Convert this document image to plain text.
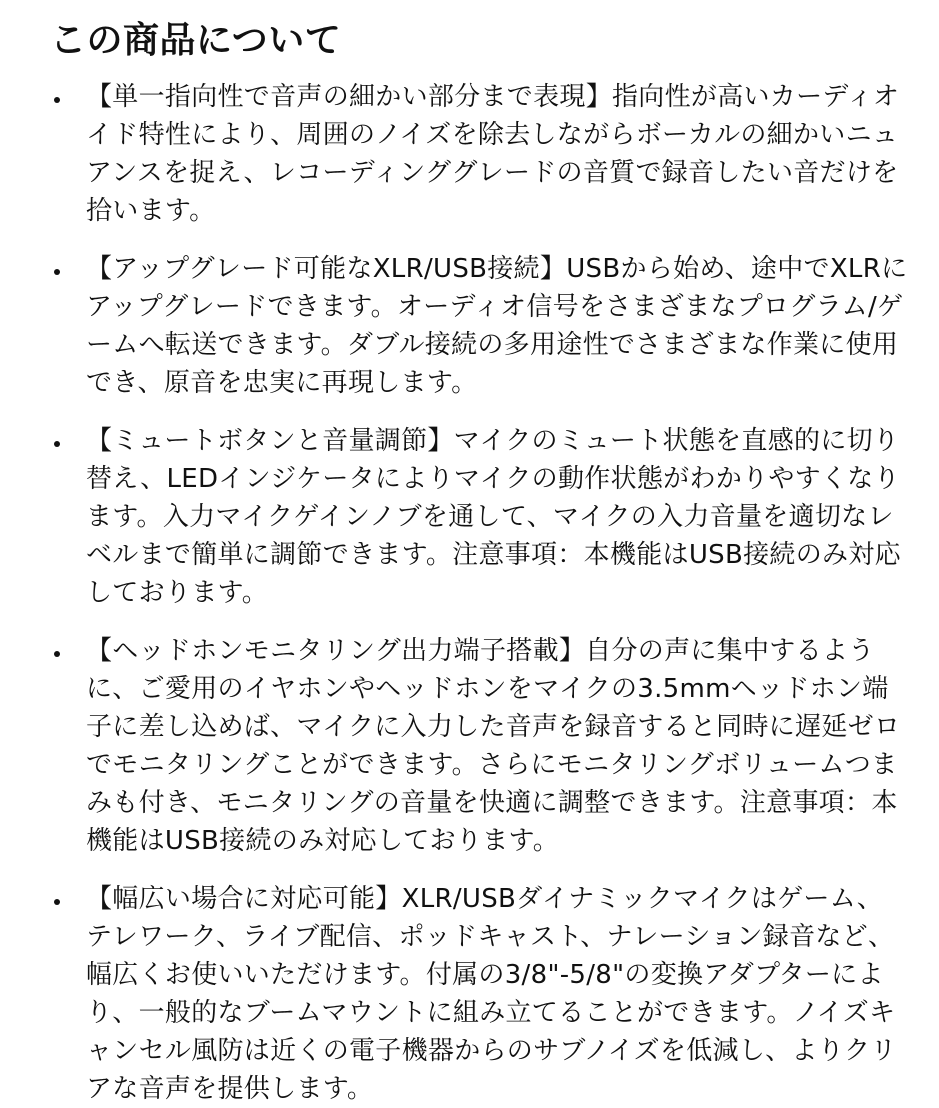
この商品について

【単一指向性で音声の細かい部分まで表現】指向性が高いカーディオイド特性により、周囲のノイズを除去しながらボーカルの細かいニュアンスを捉え、レコーディンググレードの音質で録音したい音だけを拾います。

【アップグレード可能なXLR/USB接続】USBから始め、途中でXLRにアップグレードできます。オーディオ信号をさまざまなプログラム/ゲームへ転送できます。ダブル接続の多用途性でさまざまな作業に使用でき、原音を忠実に再現します。

【ミュートボタンと音量調節】マイクのミュート状態を直感的に切り替え、LEDインジケータによりマイクの動作状態がわかりやすくなります。入力マイクゲインノブを通して、マイクの入力音量を適切なレベルまで簡単に調節できます。注意事項：本機能はUSB接続のみ対応しております。

【ヘッドホンモニタリング出力端子搭載】自分の声に集中するように、ご愛用のイヤホンやヘッドホンをマイクの3.5mmヘッドホン端子に差し込めば、マイクに入力した音声を録音すると同時に遅延ゼロでモニタリングことができます。さらにモニタリングボリュームつまみも付き、モニタリングの音量を快適に調整できます。注意事項：本機能はUSB接続のみ対応しております。

【幅広い場合に対応可能】XLR/USBダイナミックマイクはゲーム、テレワーク、ライブ配信、ポッドキャスト、ナレーション録音など、幅広くお使いいただけます。付属の3/8"-5/8"の変換アダプターにより、一般的なブームマウントに組み立てることができます。ノイズキャンセル風防は近くの電子機器からのサブノイズを低減し、よりクリアな音声を提供します。
